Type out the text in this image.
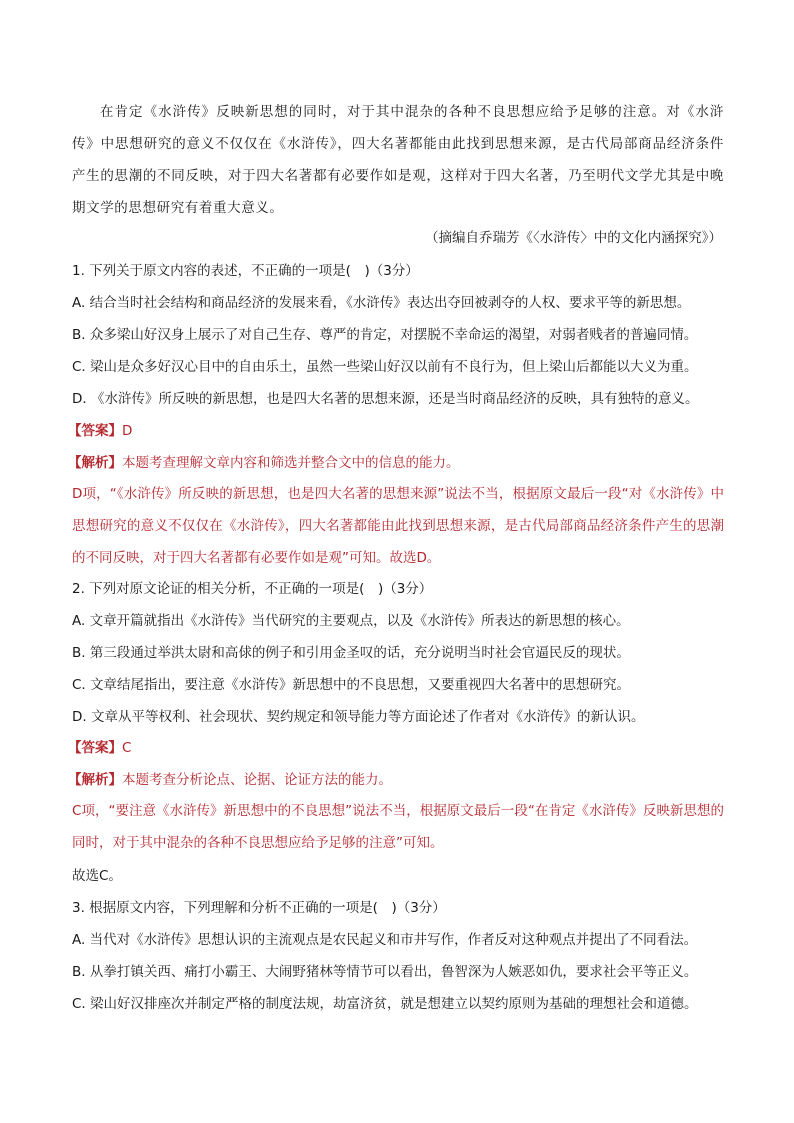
在肯定《水浒传》反映新思想的同时，对于其中混杂的各种不良思想应给予足够的注意。对《水浒传》中思想研究的意义不仅仅在《水浒传》，四大名著都能由此找到思想来源，是古代局部商品经济条件产生的思潮的不同反映，对于四大名著都有必要作如是观，这样对于四大名著，乃至明代文学尤其是中晚期文学的思想研究有着重大意义。
（摘编自乔瑞芳《〈水浒传〉中的文化内涵探究》）
1. 下列关于原文内容的表述，不正确的一项是(　)（3分）
A. 结合当时社会结构和商品经济的发展来看，《水浒传》表达出夺回被剥夺的人权、要求平等的新思想。
B. 众多梁山好汉身上展示了对自己生存、尊严的肯定，对摆脱不幸命运的渴望，对弱者贱者的普遍同情。
C. 梁山是众多好汉心目中的自由乐土，虽然一些梁山好汉以前有不良行为，但上梁山后都能以大义为重。
D. 《水浒传》所反映的新思想，也是四大名著的思想来源，还是当时商品经济的反映，具有独特的意义。
【答案】D
【解析】本题考查理解文章内容和筛选并整合文中的信息的能力。
D项，“《水浒传》所反映的新思想，也是四大名著的思想来源”说法不当，根据原文最后一段“对《水浒传》中思想研究的意义不仅仅在《水浒传》，四大名著都能由此找到思想来源，是古代局部商品经济条件产生的思潮的不同反映，对于四大名著都有必要作如是观”可知。故选D。
2. 下列对原文论证的相关分析，不正确的一项是(　)（3分）
A. 文章开篇就指出《水浒传》当代研究的主要观点，以及《水浒传》所表达的新思想的核心。
B. 第三段通过举洪太尉和高俅的例子和引用金圣叹的话，充分说明当时社会官逼民反的现状。
C. 文章结尾指出，要注意《水浒传》新思想中的不良思想，又要重视四大名著中的思想研究。
D. 文章从平等权利、社会现状、契约规定和领导能力等方面论述了作者对《水浒传》的新认识。
【答案】C
【解析】本题考查分析论点、论据、论证方法的能力。
C项，“要注意《水浒传》新思想中的不良思想”说法不当，根据原文最后一段“在肯定《水浒传》反映新思想的同时，对于其中混杂的各种不良思想应给予足够的注意”可知。
故选C。
3. 根据原文内容，下列理解和分析不正确的一项是(　)（3分）
A. 当代对《水浒传》思想认识的主流观点是农民起义和市井写作，作者反对这种观点并提出了不同看法。
B. 从拳打镇关西、痛打小霸王、大闹野猪林等情节可以看出，鲁智深为人嫉恶如仇，要求社会平等正义。
C. 梁山好汉排座次并制定严格的制度法规，劫富济贫，就是想建立以契约原则为基础的理想社会和道德。
